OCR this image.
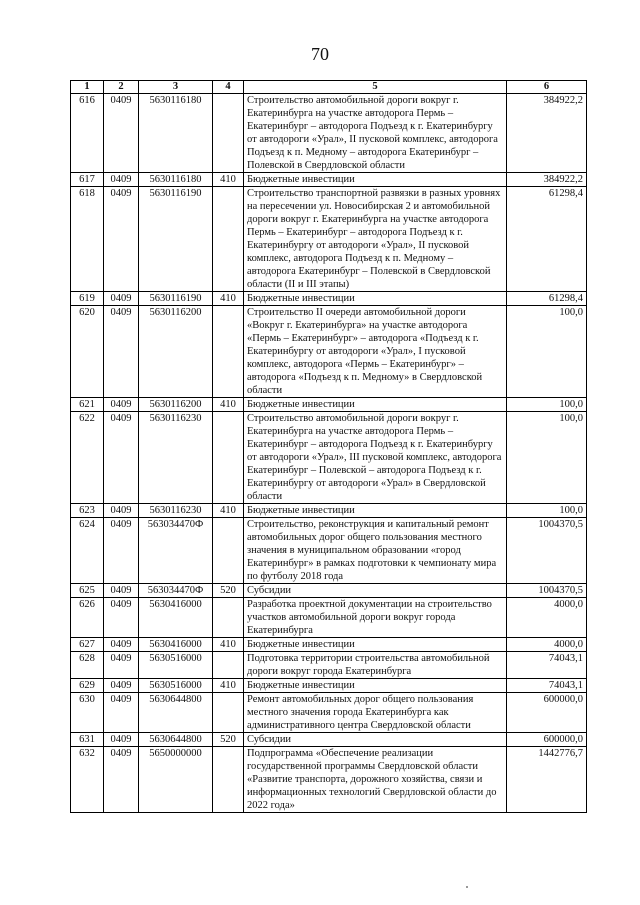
70
1	2	3	4	5	6
616	0409	5630116180		Строительство автомобильной дороги вокруг г. Екатеринбурга на участке автодорога Пермь – Екатеринбург – автодорога Подъезд к г. Екатеринбургу от автодороги «Урал», II пусковой комплекс, автодорога Подъезд к п. Медному – автодорога Екатеринбург – Полевской в Свердловской области	384922,2
617	0409	5630116180	410	Бюджетные инвестиции	384922,2
618	0409	5630116190		Строительство транспортной развязки в разных уровнях на пересечении ул. Новосибирская 2 и автомобильной дороги вокруг г. Екатеринбурга на участке автодорога Пермь – Екатеринбург – автодорога Подъезд к г. Екатеринбургу от автодороги «Урал», II пусковой комплекс, автодорога Подъезд к п. Медному – автодорога Екатеринбург – Полевской в Свердловской области (II и III этапы)	61298,4
619	0409	5630116190	410	Бюджетные инвестиции	61298,4
620	0409	5630116200		Строительство II очереди автомобильной дороги «Вокруг г. Екатеринбурга» на участке автодорога «Пермь – Екатеринбург» – автодорога «Подъезд к г. Екатеринбургу от автодороги «Урал», I пусковой комплекс, автодорога «Пермь – Екатеринбург» – автодорога «Подъезд к п. Медному» в Свердловской области	100,0
621	0409	5630116200	410	Бюджетные инвестиции	100,0
622	0409	5630116230		Строительство автомобильной дороги вокруг г. Екатеринбурга на участке автодорога Пермь – Екатеринбург – автодорога Подъезд к г. Екатеринбургу от автодороги «Урал», III пусковой комплекс, автодорога Екатеринбург – Полевской – автодорога Подъезд к г. Екатеринбургу от автодороги «Урал» в Свердловской области	100,0
623	0409	5630116230	410	Бюджетные инвестиции	100,0
624	0409	563034470Ф		Строительство, реконструкция и капитальный ремонт автомобильных дорог общего пользования местного значения в муниципальном образовании «город Екатеринбург» в рамках подготовки к чемпионату мира по футболу 2018 года	1004370,5
625	0409	563034470Ф	520	Субсидии	1004370,5
626	0409	5630416000		Разработка проектной документации на строительство участков автомобильной дороги вокруг города Екатеринбурга	4000,0
627	0409	5630416000	410	Бюджетные инвестиции	4000,0
628	0409	5630516000		Подготовка территории строительства автомобильной дороги вокруг города Екатеринбурга	74043,1
629	0409	5630516000	410	Бюджетные инвестиции	74043,1
630	0409	5630644800		Ремонт автомобильных дорог общего пользования местного значения города Екатеринбурга как административного центра Свердловской области	600000,0
631	0409	5630644800	520	Субсидии	600000,0
632	0409	5650000000		Подпрограмма «Обеспечение реализации государственной программы Свердловской области «Развитие транспорта, дорожного хозяйства, связи и информационных технологий Свердловской области до 2022 года»	1442776,7
